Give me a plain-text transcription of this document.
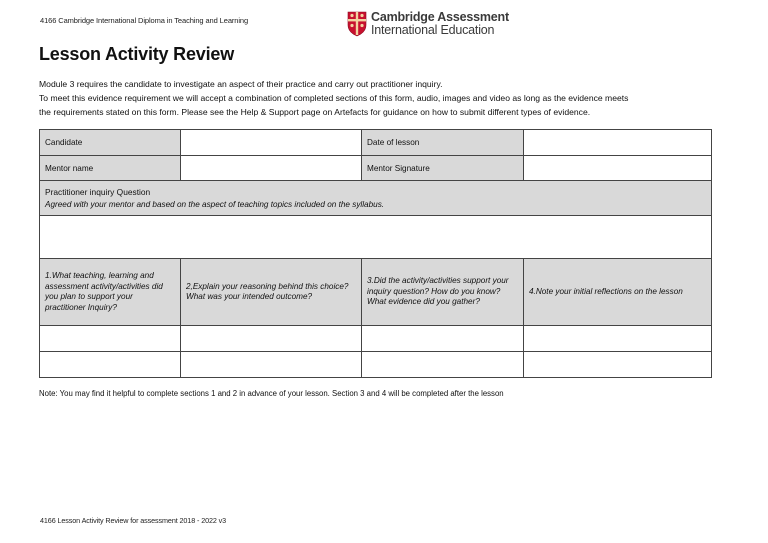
4166 Cambridge International Diploma in Teaching and Learning	Cambridge Assessment
International Education
Lesson Activity Review
Module 3 requires the candidate to investigate an aspect of their practice and carry out practitioner inquiry.
To meet this evidence requirement we will accept a combination of completed sections of this form, audio, images and video as long as the evidence meets
the requirements stated on this form. Please see the Help & Support page on Artefacts for guidance on how to submit different types of evidence.
Candidate		Date of lesson	
Mentor name		Mentor Signature	

Practitioner inquiry Question
Agreed with your mentor and based on the aspect of teaching topics included on the syllabus.			

1.What teaching, learning and assessment activity/activities did you plan to support your practitioner Inquiry?	2,Explain your reasoning behind this choice? What was your intended outcome?	3.Did the activity/activities support your inquiry question? How do you know? What evidence did you gather?	4.Note your initial reflections on the lesson

Note: You may find it helpful to complete sections 1 and 2 in advance of your lesson. Section 3 and 4 will be completed after the lesson
4166 Lesson Activity Review for assessment 2018 - 2022 v3
